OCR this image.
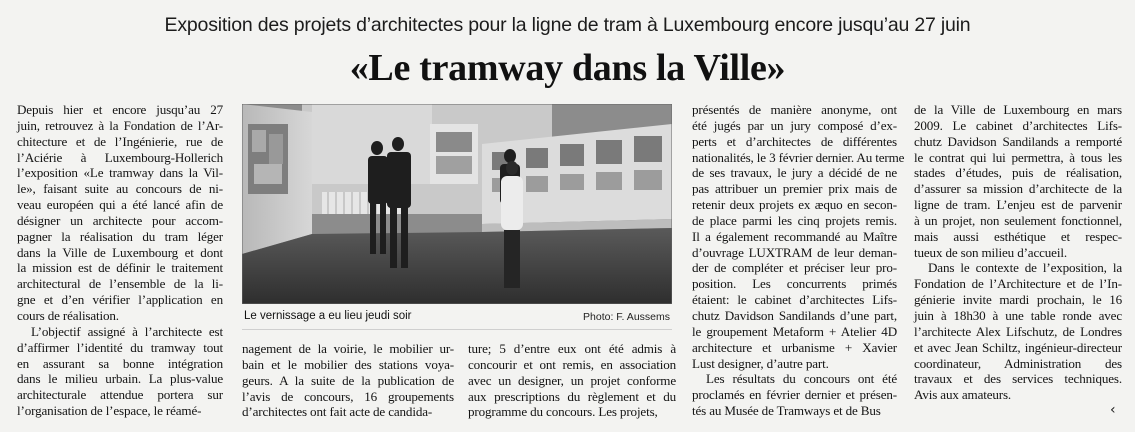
Exposition des projets d’architectes pour la ligne de tram à Luxembourg encore jusqu’au 27 juin
«Le tramway dans la Ville»
Depuis hier et encore jusqu’au 27
juin, retrouvez à la Fondation de l’Ar-
chitecture et de l’Ingénierie, rue de
l’Aciérie à Luxembourg-Hollerich
l’exposition «Le tramway dans la Vil-
le», faisant suite au concours de ni-
veau européen qui a été lancé afin de
désigner un architecte pour accom-
pagner la réalisation du tram léger
dans la Ville de Luxembourg et dont
la mission est de définir le traitement
architectural de l’ensemble de la li-
gne et d’en vérifier l’application en
cours de réalisation.
L’objectif assigné à l’architecte est
d’affirmer l’identité du tramway tout
en assurant sa bonne intégration
dans le milieu urbain. La plus-value
architecturale attendue portera sur
l’organisation de l’espace, le réamé-
Le vernissage a eu lieu jeudi soir	Photo: F. Aussems
nagement de la voirie, le mobilier ur-
bain et le mobilier des stations voya-
geurs. A la suite de la publication de
l’avis de concours, 16 groupements
d’architectes ont fait acte de candida-
ture; 5 d’entre eux ont été admis à
concourir et ont remis, en association
avec un designer, un projet conforme
aux prescriptions du règlement et du
programme du concours. Les projets,
présentés de manière anonyme, ont
été jugés par un jury composé d’ex-
perts et d’architectes de différentes
nationalités, le 3 février dernier. Au terme
de ses travaux, le jury a décidé de ne
pas attribuer un premier prix mais de
retenir deux projets ex æquo en secon-
de place parmi les cinq projets remis.
Il a également recommandé au Maître
d’ouvrage LUXTRAM de leur deman-
der de compléter et préciser leur pro-
position. Les concurrents primés
étaient: le cabinet d’architectes Lifs-
chutz Davidson Sandilands d’une part,
le groupement Metaform + Atelier 4D
architecture et urbanisme + Xavier
Lust designer, d’autre part.
Les résultats du concours ont été
proclamés en février dernier et présen-
tés au Musée de Tramways et de Bus
de la Ville de Luxembourg en mars
2009. Le cabinet d’architectes Lifs-
chutz Davidson Sandilands a remporté
le contrat qui lui permettra, à tous les
stades d’études, puis de réalisation,
d’assurer sa mission d’architecte de la
ligne de tram. L’enjeu est de parvenir
à un projet, non seulement fonctionnel,
mais aussi esthétique et respec-
tueux de son milieu d’accueil.
Dans le contexte de l’exposition, la
Fondation de l’Architecture et de l’In-
génierie invite mardi prochain, le 16
juin à 18h30 à une table ronde avec
l’architecte Alex Lifschutz, de Londres
et avec Jean Schiltz, ingénieur-directeur
coordinateur, Administration des
travaux et des services techniques.
Avis aux amateurs.
‹
